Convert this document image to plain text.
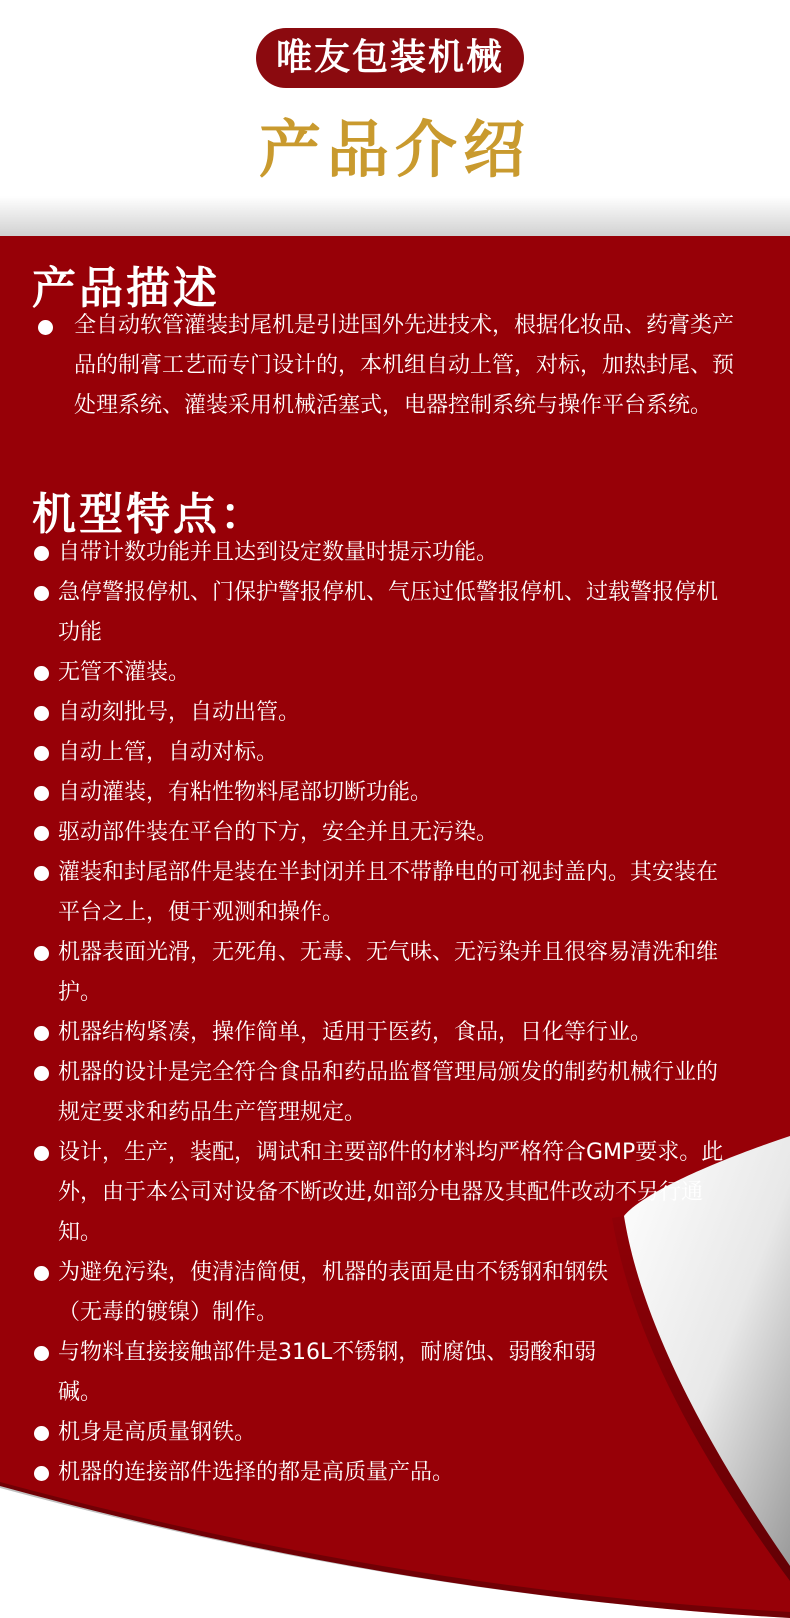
唯友包装机械
产品介绍
产品描述
全自动软管灌装封尾机是引进国外先进技术，根据化妆品、药膏类产品的制膏工艺而专门设计的，本机组自动上管，对标，加热封尾、预处理系统、灌装采用机械活塞式，电器控制系统与操作平台系统。
机型特点：
自带计数功能并且达到设定数量时提示功能。
急停警报停机、门保护警报停机、气压过低警报停机、过载警报停机功能
无管不灌装。
自动刻批号，自动出管。
自动上管，自动对标。
自动灌装，有粘性物料尾部切断功能。
驱动部件装在平台的下方，安全并且无污染。
灌装和封尾部件是装在半封闭并且不带静电的可视封盖内。其安装在平台之上，便于观测和操作。
机器表面光滑，无死角、无毒、无气味、无污染并且很容易清洗和维护。
机器结构紧凑，操作简单，适用于医药，食品，日化等行业。
机器的设计是完全符合食品和药品监督管理局颁发的制药机械行业的规定要求和药品生产管理规定。
设计，生产，装配，调试和主要部件的材料均严格符合GMP要求。此外，由于本公司对设备不断改进,如部分电器及其配件改动不另行通知。
为避免污染，使清洁简便，机器的表面是由不锈钢和钢铁（无毒的镀镍）制作。
与物料直接接触部件是316L不锈钢，耐腐蚀、弱酸和弱碱。
机身是高质量钢铁。
机器的连接部件选择的都是高质量产品。
